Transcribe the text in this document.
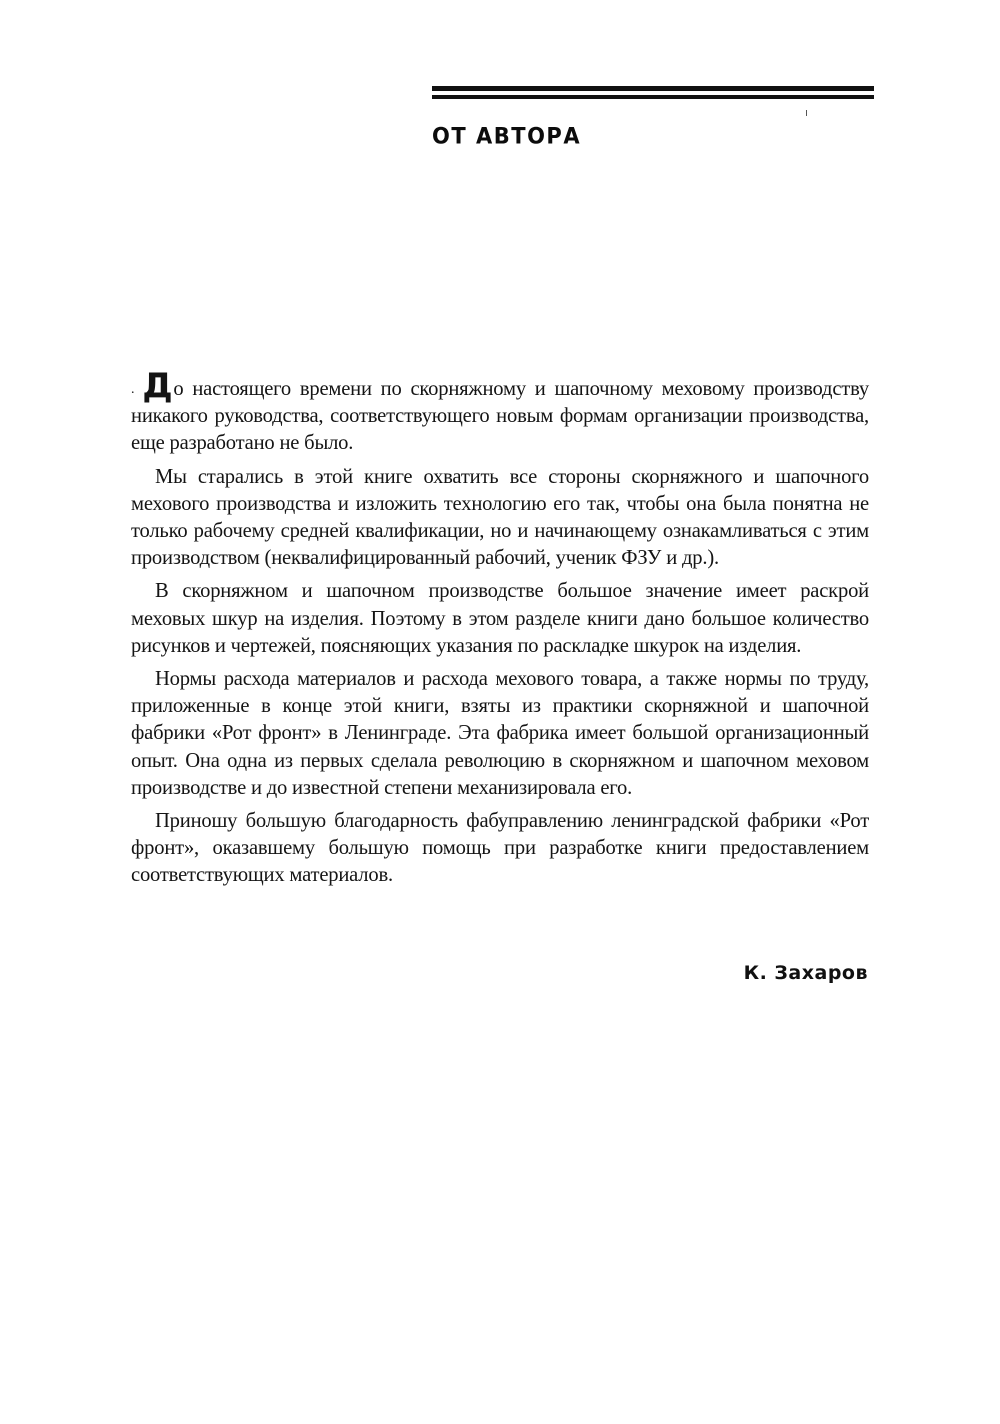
ОТ АВТОРА

. До настоящего времени по скорняжному и шапочному меховому производству никакого руководства, соответствующего новым формам организации производства, еще разработано не было.

Мы старались в этой книге охватить все стороны скорняжного и шапочного мехового производства и изложить технологию его так, чтобы она была понятна не только рабочему средней квалификации, но и начинающему ознакамливаться с этим производством (неквалифицированный рабочий, ученик ФЗУ и др.).

В скорняжном и шапочном производстве большое значение имеет раскрой меховых шкур на изделия. Поэтому в этом разделе книги дано большое количество рисунков и чертежей, поясняющих указания по раскладке шкурок на изделия.

Нормы расхода материалов и расхода мехового товара, а также нормы по труду, приложенные в конце этой книги, взяты из практики скорняжной и шапочной фабрики «Рот фронт» в Ленинграде. Эта фабрика имеет большой организационный опыт. Она одна из первых сделала революцию в скорняжном и шапочном меховом производстве и до известной степени механизировала его.

Приношу большую благодарность фабуправлению ленинградской фабрики «Рот фронт», оказавшему большую помощь при разработке книги предоставлением соответствующих материалов.

К. Захаров
